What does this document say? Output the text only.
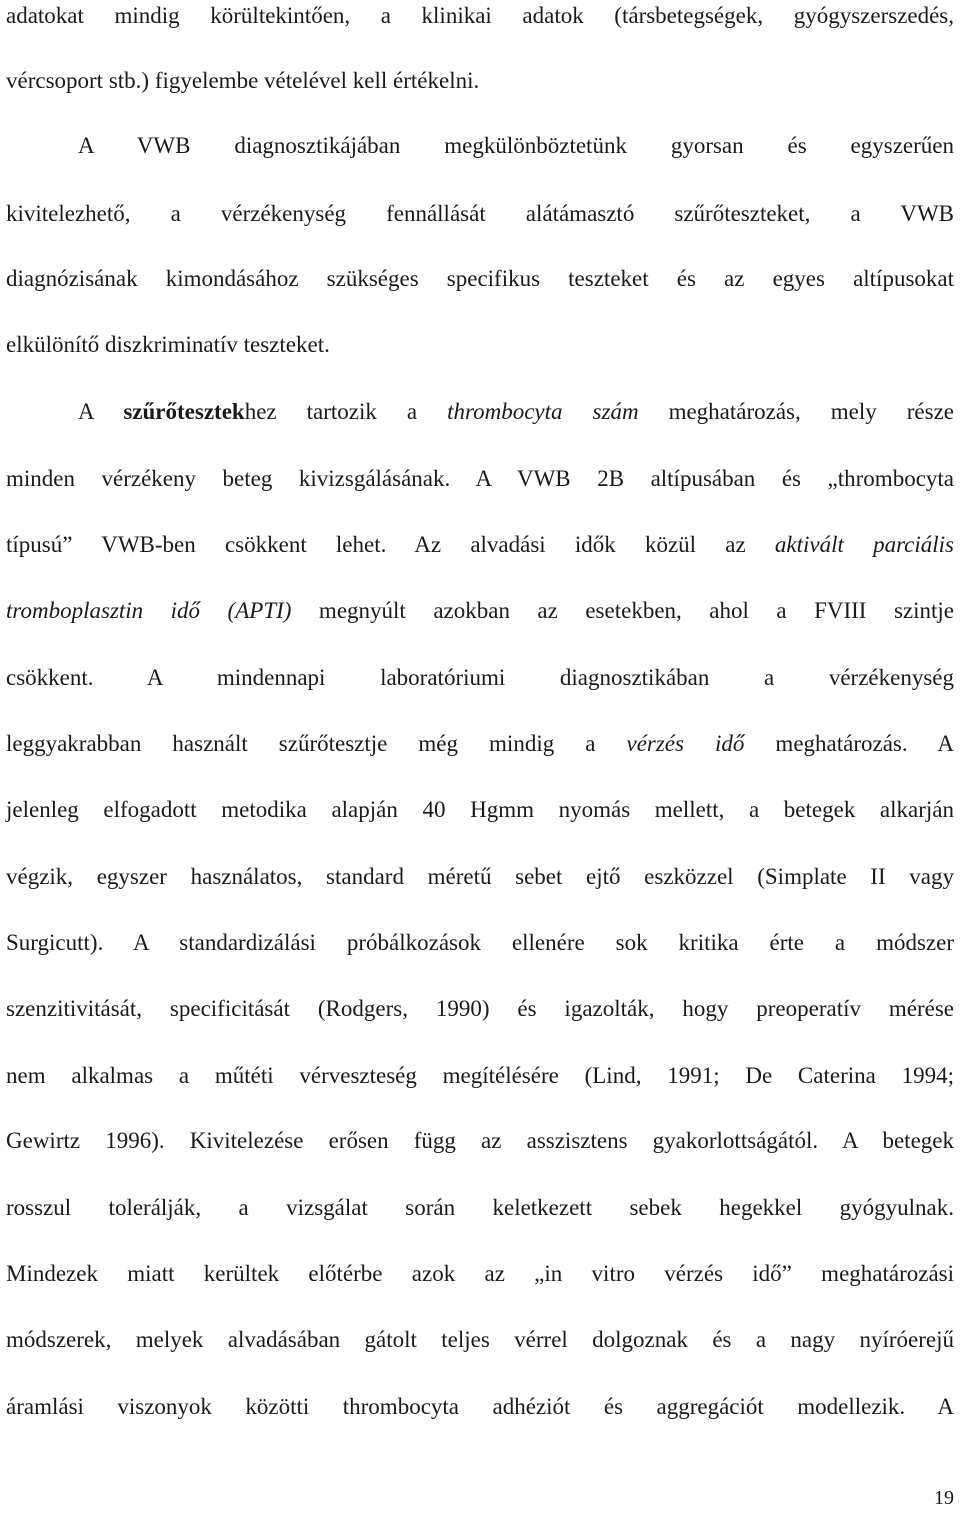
adatokat mindig körültekintően, a klinikai adatok (társbetegségek, gyógyszerszedés,
vércsoport stb.) figyelembe vételével kell értékelni.
A VWB diagnosztikájában megkülönböztetünk gyorsan és egyszerűen
kivitelezhető, a vérzékenység fennállását alátámasztó szűrőteszteket, a VWB
diagnózisának kimondásához szükséges specifikus teszteket és az egyes altípusokat
elkülönítő diszkriminatív teszteket.
A szűrőtesztekhez tartozik a thrombocyta szám meghatározás, mely része
minden vérzékeny beteg kivizsgálásának. A VWB 2B altípusában és „thrombocyta
típusú” VWB-ben csökkent lehet. Az alvadási idők közül az aktivált parciális
tromboplasztin idő (APTI) megnyúlt azokban az esetekben, ahol a FVIII szintje
csökkent. A mindennapi laboratóriumi diagnosztikában a vérzékenység
leggyakrabban használt szűrőtesztje még mindig a vérzés idő meghatározás. A
jelenleg elfogadott metodika alapján 40 Hgmm nyomás mellett, a betegek alkarján
végzik, egyszer használatos, standard méretű sebet ejtő eszközzel (Simplate II vagy
Surgicutt). A standardizálási próbálkozások ellenére sok kritika érte a módszer
szenzitivitását, specificitását (Rodgers, 1990) és igazolták, hogy preoperatív mérése
nem alkalmas a műtéti vérveszteség megítélésére (Lind, 1991; De Caterina 1994;
Gewirtz 1996). Kivitelezése erősen függ az asszisztens gyakorlottságától. A betegek
rosszul tolerálják, a vizsgálat során keletkezett sebek hegekkel gyógyulnak.
Mindezek miatt kerültek előtérbe azok az „in vitro vérzés idő” meghatározási
módszerek, melyek alvadásában gátolt teljes vérrel dolgoznak és a nagy nyíróerejű
áramlási viszonyok közötti thrombocyta adhéziót és aggregációt modellezik. A
19
